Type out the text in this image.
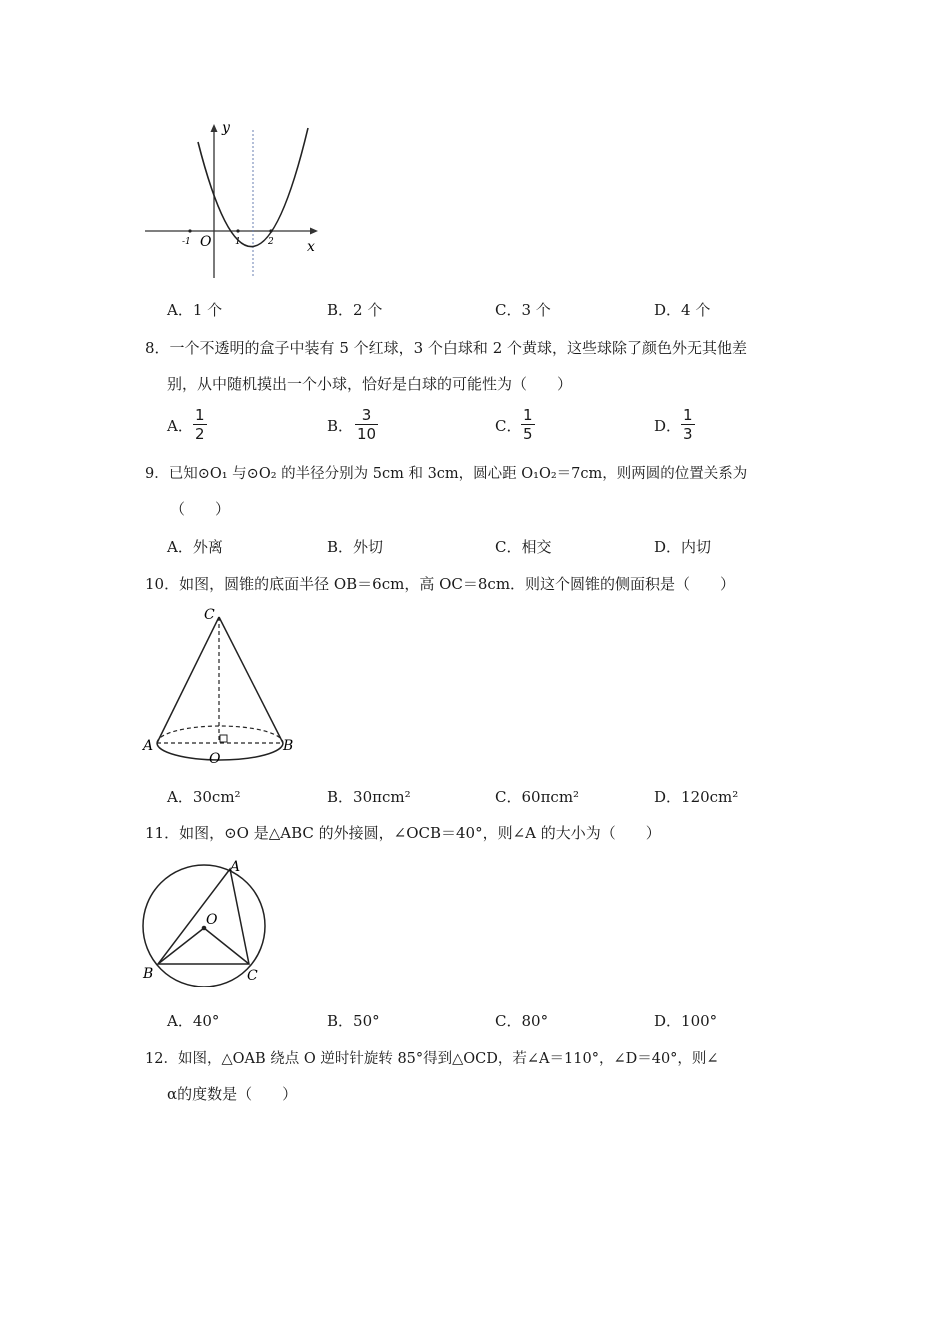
y
x
O
-1	1	2
A．1 个	B．2 个	C．3 个	D．4 个
8．一个不透明的盒子中装有 5 个红球，3 个白球和 2 个黄球，这些球除了颜色外无其他差
别，从中随机摸出一个小球，恰好是白球的可能性为（　　）
A． $\frac{1}{2}$	B． $\frac{3}{10}$	C． $\frac{1}{5}$	D． $\frac{1}{3}$
9．已知⊙O₁ 与⊙O₂ 的半径分别为 5cm 和 3cm，圆心距 O₁O₂＝7cm，则两圆的位置关系为
（　　）
A．外离	B．外切	C．相交	D．内切
10．如图，圆锥的底面半径 OB＝6cm，高 OC＝8cm．则这个圆锥的侧面积是（　　）
C
A	B
O
A．30cm²	B．30πcm²	C．60πcm²	D．120cm²
11．如图，⊙O 是△ABC 的外接圆，∠OCB＝40°，则∠A 的大小为（　　）
A
O
B	C
A．40°	B．50°	C．80°	D．100°
12．如图，△OAB 绕点 O 逆时针旋转 85°得到△OCD，若∠A＝110°，∠D＝40°，则∠
α的度数是（　　）
